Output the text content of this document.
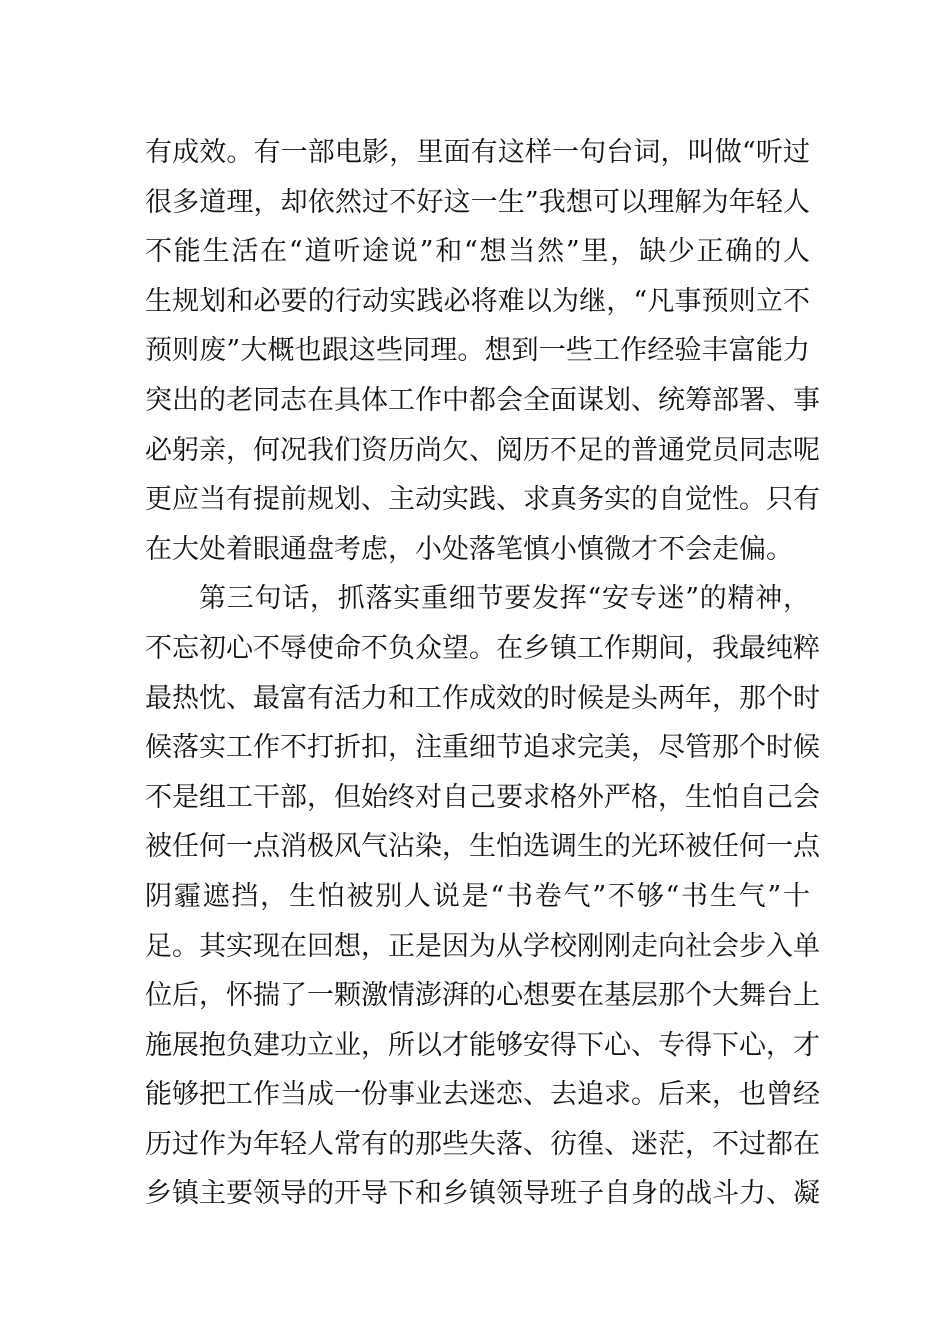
有成效。有一部电影，里面有这样一句台词，叫做“听过
很多道理，却依然过不好这一生”我想可以理解为年轻人
不能生活在“道听途说”和“想当然”里，缺少正确的人
生规划和必要的行动实践必将难以为继，“凡事预则立不
预则废”大概也跟这些同理。想到一些工作经验丰富能力
突出的老同志在具体工作中都会全面谋划、统筹部署、事
必躬亲，何况我们资历尚欠、阅历不足的普通党员同志呢
更应当有提前规划、主动实践、求真务实的自觉性。只有
在大处着眼通盘考虑，小处落笔慎小慎微才不会走偏。
第三句话，抓落实重细节要发挥“安专迷”的精神，
不忘初心不辱使命不负众望。在乡镇工作期间，我最纯粹
最热忱、最富有活力和工作成效的时候是头两年，那个时
候落实工作不打折扣，注重细节追求完美，尽管那个时候
不是组工干部，但始终对自己要求格外严格，生怕自己会
被任何一点消极风气沾染，生怕选调生的光环被任何一点
阴霾遮挡，生怕被别人说是“书卷气”不够“书生气”十
足。其实现在回想，正是因为从学校刚刚走向社会步入单
位后，怀揣了一颗激情澎湃的心想要在基层那个大舞台上
施展抱负建功立业，所以才能够安得下心、专得下心，才
能够把工作当成一份事业去迷恋、去追求。后来，也曾经
历过作为年轻人常有的那些失落、彷徨、迷茫，不过都在
乡镇主要领导的开导下和乡镇领导班子自身的战斗力、凝
